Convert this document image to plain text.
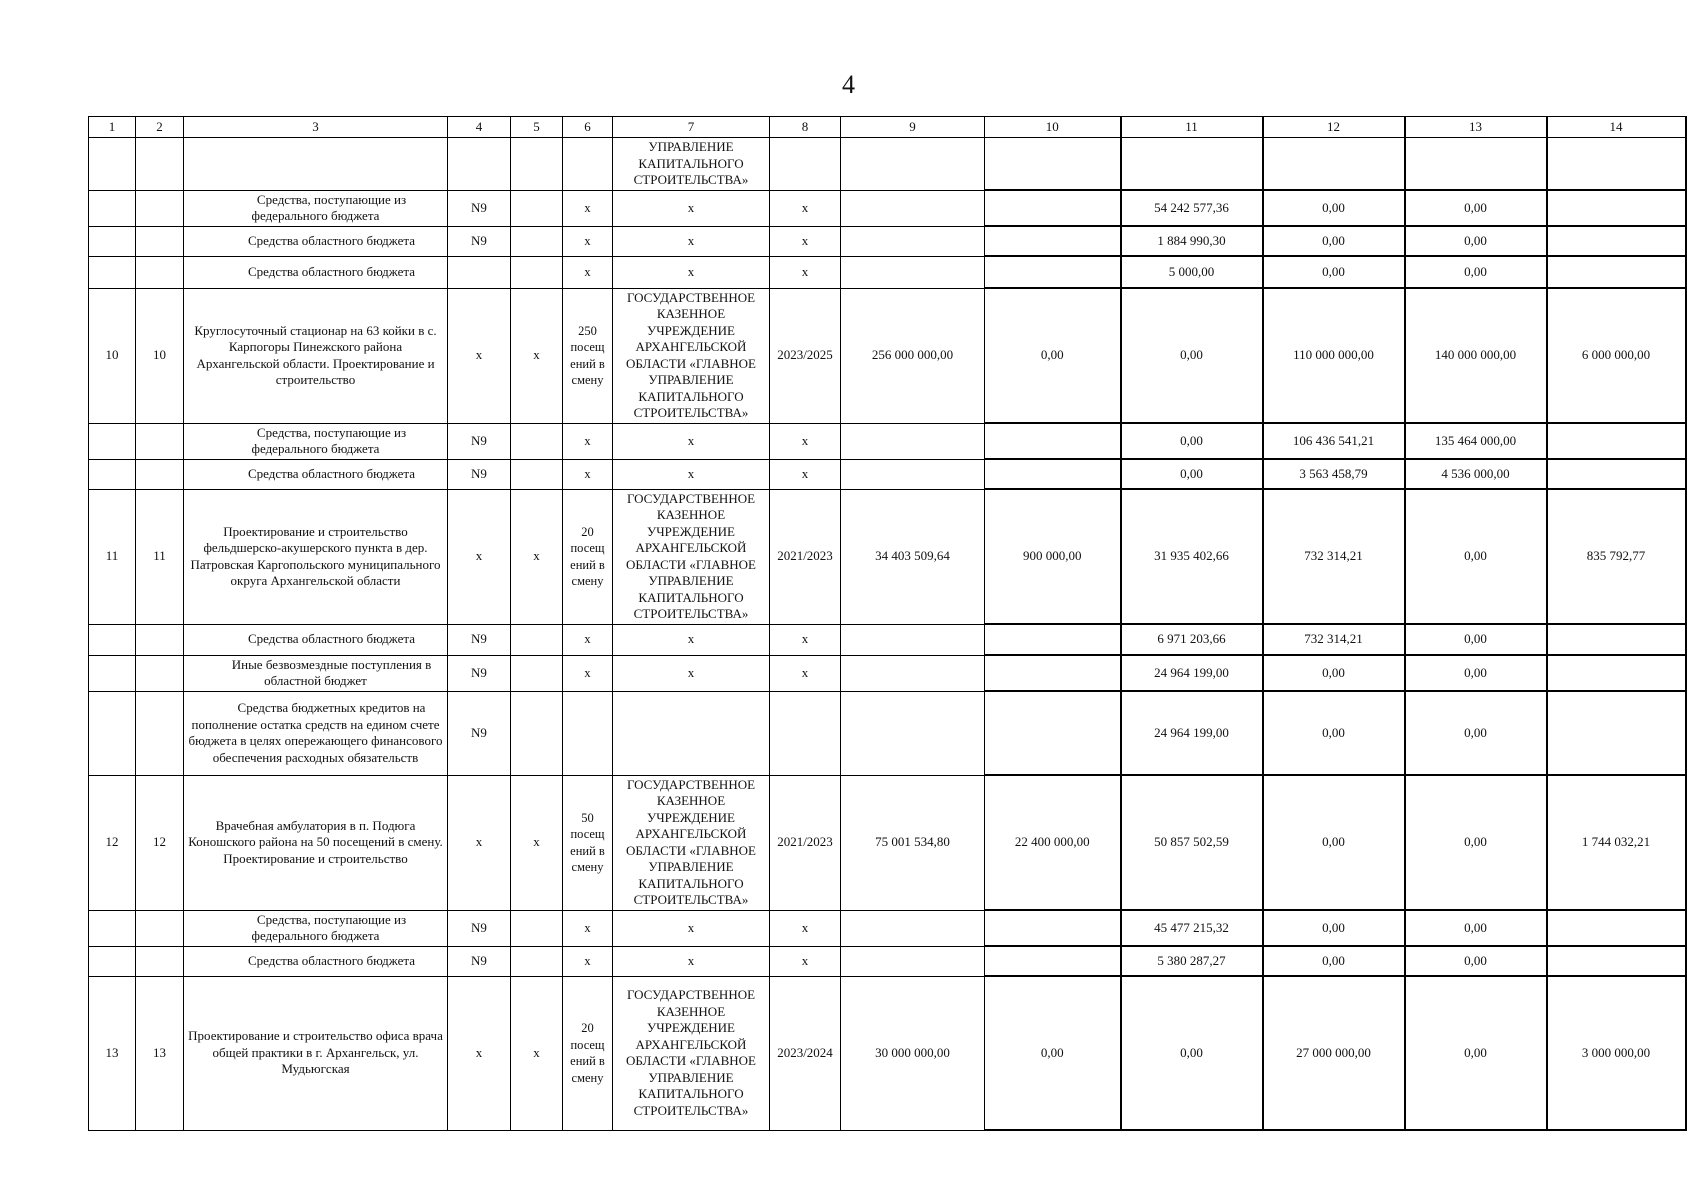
4
1	2	3	4	5	6	7	8	9	10	11	12	13	14
						УПРАВЛЕНИЕ КАПИТАЛЬНОГО СТРОИТЕЛЬСТВА»							

		Средства, поступающие из федерального бюджета	N9		x	x	x			54 242 577,36	0,00	0,00	

		Средства областного бюджета	N9		x	x	x			1 884 990,30	0,00	0,00	

		Средства областного бюджета			x	x	x			5 000,00	0,00	0,00	
10	10	Круглосуточный стационар на 63 койки в с. Карпогоры Пинежского района Архангельской области. Проектирование и строительство	x	x	250 посещ ений в смену	ГОСУДАРСТВЕННОЕ КАЗЕННОЕ УЧРЕЖДЕНИЕ АРХАНГЕЛЬСКОЙ ОБЛАСТИ «ГЛАВНОЕ УПРАВЛЕНИЕ КАПИТАЛЬНОГО СТРОИТЕЛЬСТВА»	2023/2025	256 000 000,00	0,00	0,00	110 000 000,00	140 000 000,00	6 000 000,00

		Средства, поступающие из федерального бюджета	N9		x	x	x			0,00	106 436 541,21	135 464 000,00	

		Средства областного бюджета	N9		x	x	x			0,00	3 563 458,79	4 536 000,00	
11	11	Проектирование и строительство фельдшерско-акушерского пункта в дер. Патровская Каргопольского муниципального округа Архангельской области	x	x	20 посещ ений в смену	ГОСУДАРСТВЕННОЕ КАЗЕННОЕ УЧРЕЖДЕНИЕ АРХАНГЕЛЬСКОЙ ОБЛАСТИ «ГЛАВНОЕ УПРАВЛЕНИЕ КАПИТАЛЬНОГО СТРОИТЕЛЬСТВА»	2021/2023	34 403 509,64	900 000,00	31 935 402,66	732 314,21	0,00	835 792,77

		Средства областного бюджета	N9		x	x	x			6 971 203,66	732 314,21	0,00	

		Иные безвозмездные поступления в областной бюджет	N9		x	x	x			24 964 199,00	0,00	0,00	

		Средства бюджетных кредитов на пополнение остатка средств на едином счете бюджета в целях опережающего финансового обеспечения расходных обязательств	N9							24 964 199,00	0,00	0,00	
12	12	Врачебная амбулатория в п. Подюга Коношского района на 50 посещений в смену. Проектирование и строительство	x	x	50 посещ ений в смену	ГОСУДАРСТВЕННОЕ КАЗЕННОЕ УЧРЕЖДЕНИЕ АРХАНГЕЛЬСКОЙ ОБЛАСТИ «ГЛАВНОЕ УПРАВЛЕНИЕ КАПИТАЛЬНОГО СТРОИТЕЛЬСТВА»	2021/2023	75 001 534,80	22 400 000,00	50 857 502,59	0,00	0,00	1 744 032,21

		Средства, поступающие из федерального бюджета	N9		x	x	x			45 477 215,32	0,00	0,00	

		Средства областного бюджета	N9		x	x	x			5 380 287,27	0,00	0,00	
13	13	Проектирование и строительство офиса врача общей практики в г. Архангельск, ул. Мудьюгская	x	x	20 посещ ений в смену	ГОСУДАРСТВЕННОЕ КАЗЕННОЕ УЧРЕЖДЕНИЕ АРХАНГЕЛЬСКОЙ ОБЛАСТИ «ГЛАВНОЕ УПРАВЛЕНИЕ КАПИТАЛЬНОГО СТРОИТЕЛЬСТВА»	2023/2024	30 000 000,00	0,00	0,00	27 000 000,00	0,00	3 000 000,00
